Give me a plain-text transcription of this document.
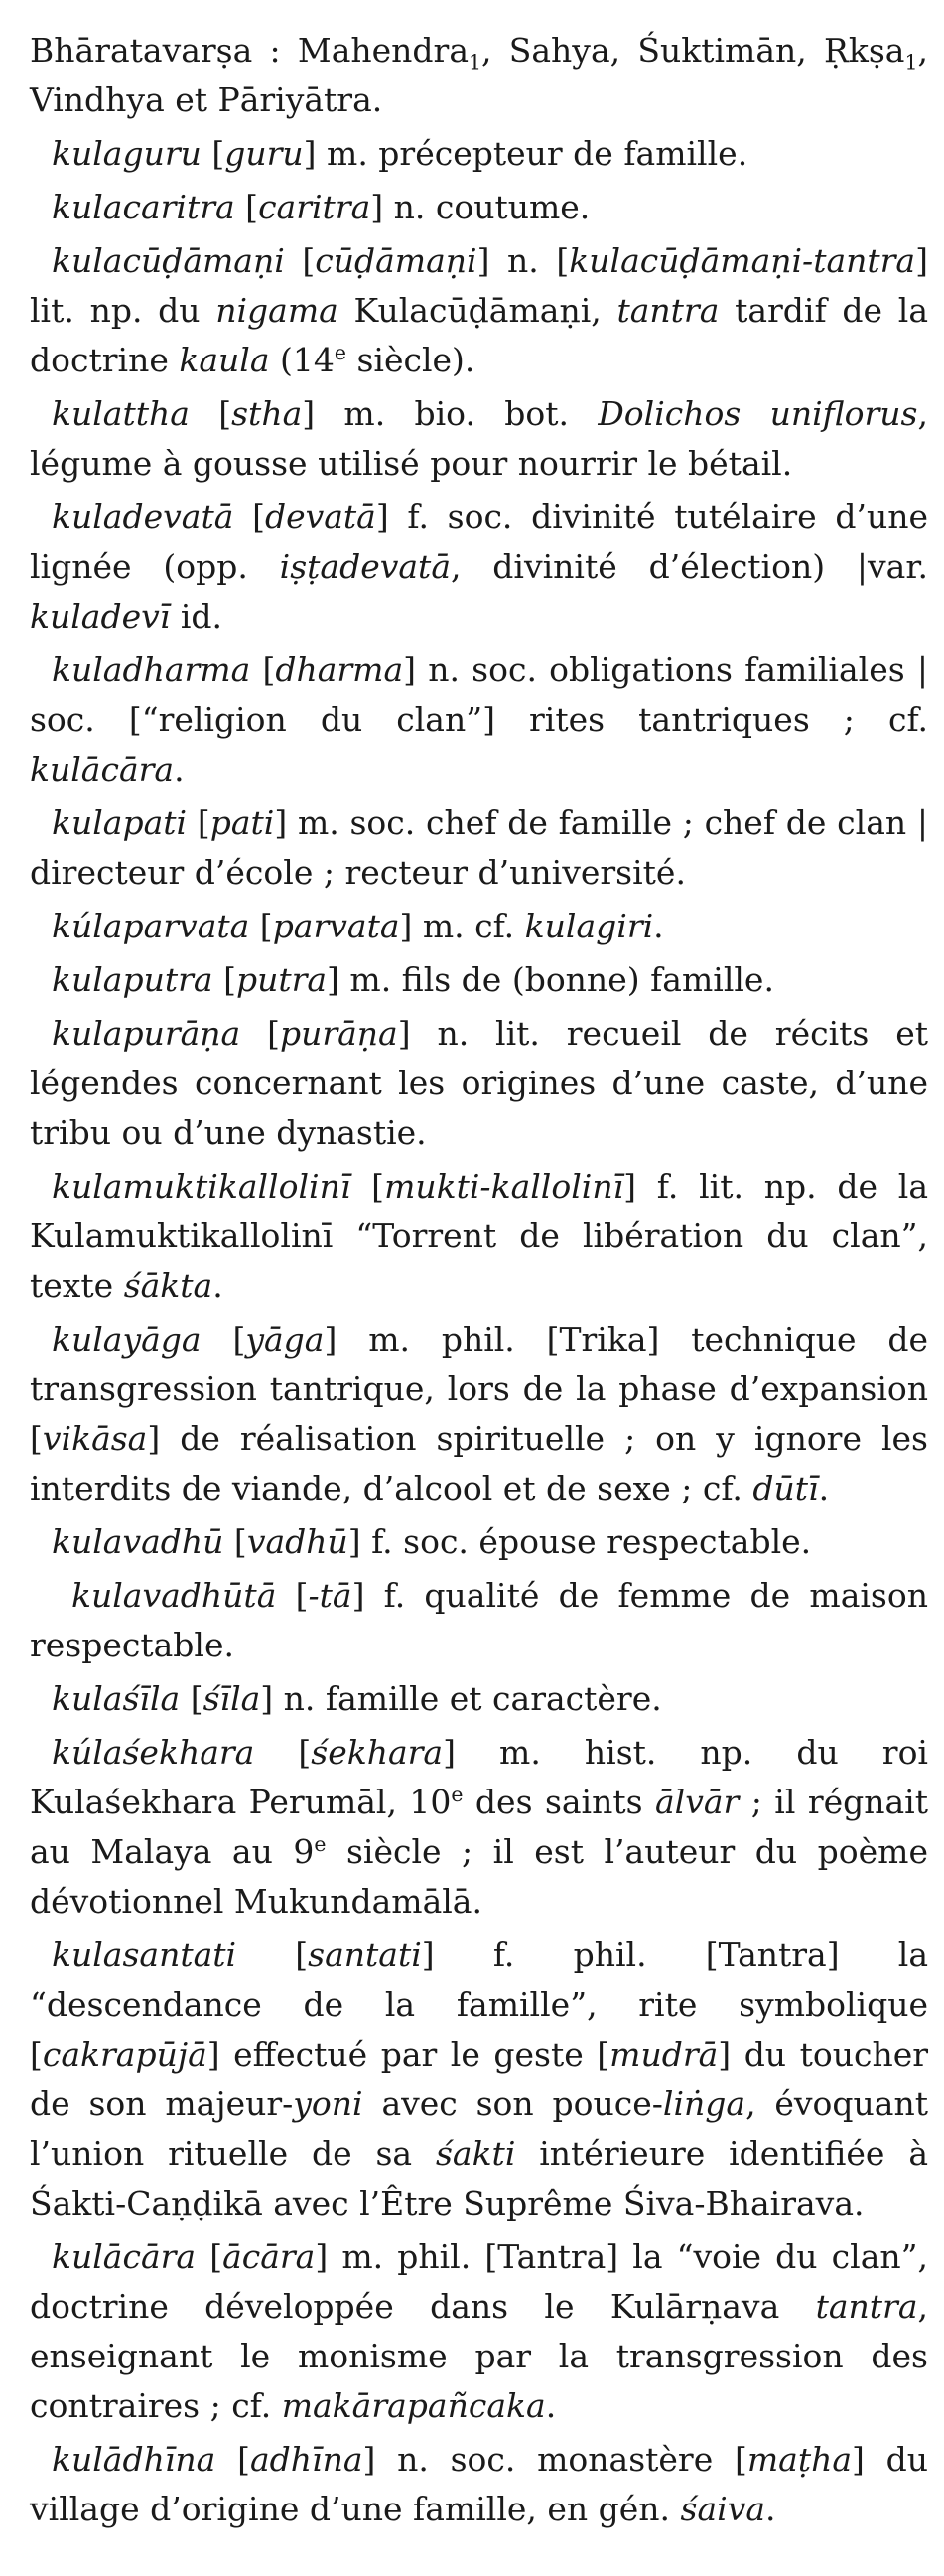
Bhāratavarṣa : Mahendra$_1$, Sahya, Śuktimān, Ṛkṣa$_1$, Vindhya et Pāriyātra.

kulaguru [guru] m. précepteur de famille.

kulacaritra [caritra] n. coutume.

kulacūḍāmaṇi [cūḍāmaṇi] n. [kulacūḍāmaṇi-tantra] lit. np. du nigama Kulacūḍāmaṇi, tantra tardif de la doctrine kaula (14e siècle).

kulattha [stha] m. bio. bot. Dolichos uniflorus, légume à gousse utilisé pour nourrir le bétail.

kuladevatā [devatā] f. soc. divinité tutélaire d’une lignée (opp. iṣṭadevatā, divinité d’élection) |var. kuladevī id.

kuladharma [dharma] n. soc. obligations familiales | soc. [“religion du clan”] rites tantriques ; cf. kulācāra.

kulapati [pati] m. soc. chef de famille ; chef de clan | directeur d’école ; recteur d’université.

kúlaparvata [parvata] m. cf. kulagiri.

kulaputra [putra] m. fils de (bonne) famille.

kulapurāṇa [purāṇa] n. lit. recueil de récits et légendes concernant les origines d’une caste, d’une tribu ou d’une dynastie.

kulamuktikallolinī [mukti-kallolinī] f. lit. np. de la Kulamuktikallolinī “Torrent de libération du clan”, texte śākta.

kulayāga [yāga] m. phil. [Trika] technique de transgression tantrique, lors de la phase d’expansion [vikāsa] de réalisation spirituelle ; on y ignore les interdits de viande, d’alcool et de sexe ; cf. dūtī.

kulavadhū [vadhū] f. soc. épouse respectable.

kulavadhūtā [-tā] f. qualité de femme de maison respectable.

kulaśīla [śīla] n. famille et caractère.

kúlaśekhara [śekhara] m. hist. np. du roi Kulaśekhara Perumāl, 10e des saints ālvār ; il régnait au Malaya au 9e siècle ; il est l’auteur du poème dévotionnel Mukundamālā.

kulasantati [santati] f. phil. [Tantra] la “descendance de la famille”, rite symbolique [cakrapūjā] effectué par le geste [mudrā] du toucher de son majeur-yoni avec son pouce-liṅga, évoquant l’union rituelle de sa śakti intérieure identifiée à Śakti-Caṇḍikā avec l’Être Suprême Śiva-Bhairava.

kulācāra [ācāra] m. phil. [Tantra] la “voie du clan”, doctrine développée dans le Kulārṇava tantra, enseignant le monisme par la transgression des contraires ; cf. makārapañcaka.

kulādhīna [adhīna] n. soc. monastère [maṭha] du village d’origine d’une famille, en gén. śaiva.
